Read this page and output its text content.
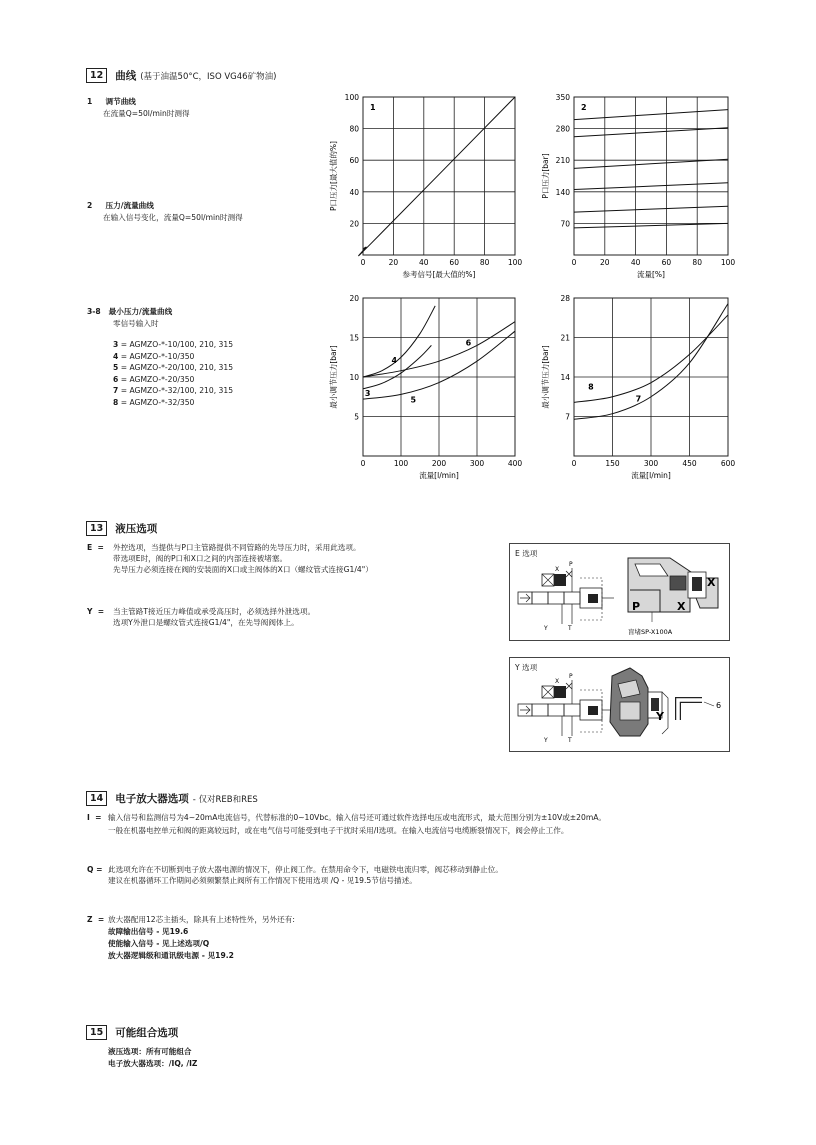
12	曲线 (基于油温50°C，ISO VG46矿物油)
1 调节曲线
在流量Q=50l/min时测得
2 压力/流量曲线
在输入信号变化，流量Q=50l/min时测得
3-8 最小压力/流量曲线
零信号输入时
3 = AGMZO-*-10/100, 210, 315
4 = AGMZO-*-10/350
5 = AGMZO-*-20/100, 210, 315
6 = AGMZO-*-20/350
7 = AGMZO-*-32/100, 210, 315
8 = AGMZO-*-32/350
0	20	40	60	80 100
20
40
60
80
100
参考信号[最大值的%]
P口压力[最大值的%]
1
0	20	40	60	80	100
70
140
210
280
350
流量[%]
P口压力[bar]
2
0	100	200	300	400
5
10
15
20
流量[l/min]
最小调节压力[bar]	3
4
5
6
0	150	300	450	600
7
14
21
28
流量[l/min]
最小调节压力[bar]	7
8
13	液压选项
E = 外控选项，当提供与P口主管路提供不同管路的先导压力时，采用此选项。
带选项E时，阀的P口和X口之间的内部连接被堵塞。
先导压力必须连接在阀的安装面的X口或主阀体的X口（螺纹管式连接G1/4"）
Y = 当主管路T接近压力峰值或承受高压时，必须选择外泄选项。
选项Y外泄口是螺纹管式连接G1/4"，在先导阀阀体上。
E 选项
X
P
Y	T
X
P	X
盲堵SP-X100A
Y 选项
X
P
Y	T
Y
6
14	电子放大器选项 - 仅对REB和RES
I = 输入信号和监测信号为4~20mA电流信号，代替标准的0~10Vbc。输入信号还可通过软件选择电压或电流形式，最大范围分别为±10V或±20mA。
一般在机器电控单元和阀的距离较远时，或在电气信号可能受到电子干扰时采用/I选项。在输入电流信号电缆断裂情况下，阀会停止工作。
Q = 此选项允许在不切断到电子放大器电源的情况下，停止阀工作。在禁用命令下，电磁铁电流归零，阀芯移动到静止位。
建议在机器循环工作期间必须频繁禁止阀所有工作情况下使用选项 /Q - 见19.5节信号描述。
Z = 放大器配用12芯主插头，除具有上述特性外，另外还有:
故障输出信号 - 见19.6
使能输入信号 - 见上述选项/Q
放大器逻辑级和通讯级电源 - 见19.2
15	可能组合选项
液压选项：所有可能组合
电子放大器选项：/IQ, /IZ
